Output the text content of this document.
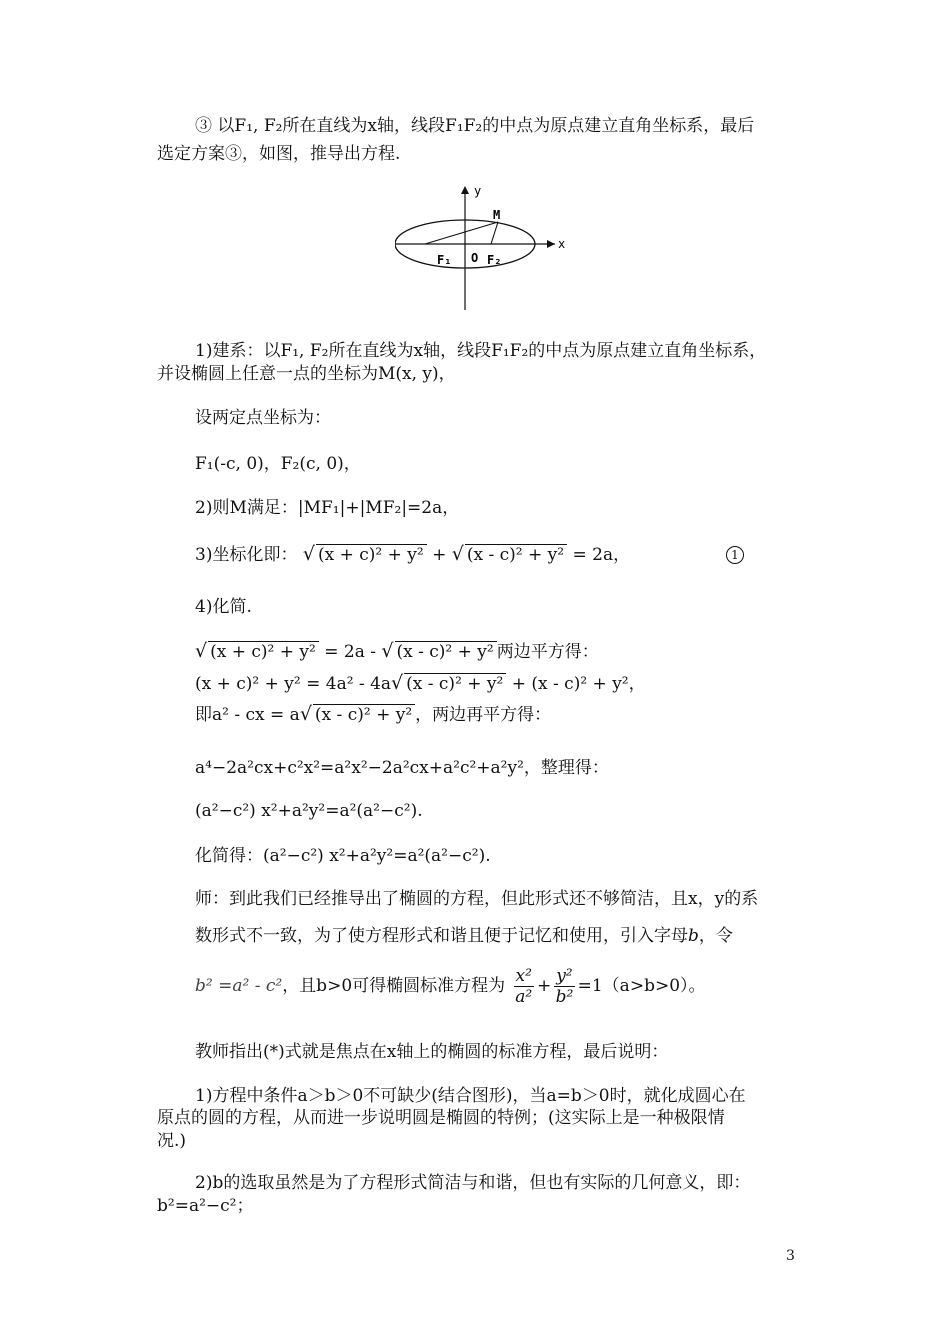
③ 以F₁, F₂所在直线为x轴，线段F₁F₂的中点为原点建立直角坐标系，最后
选定方案③，如图，推导出方程.
y
x
M
F₁ O F₂
1)建系：以F₁, F₂所在直线为x轴，线段F₁F₂的中点为原点建立直角坐标系，
并设椭圆上任意一点的坐标为M(x, y)，
设两定点坐标为：
F₁(-c, 0)，F₂(c, 0)，
2)则M满足：|MF₁|+|MF₂|=2a，
3)坐标化即： √ (x + c)² + y² + √ (x - c)² + y² = 2a，	1
4)化简.
√ (x + c)² + y² = 2a - √ (x - c)² + y² 两边平方得：
(x + c)² + y² = 4a² - 4a√ (x - c)² + y² + (x - c)² + y²，
即a² - cx = a√ (x - c)² + y² ，两边再平方得：
a⁴−2a²cx+c²x²=a²x²−2a²cx+a²c²+a²y²，整理得：
(a²−c²) x²+a²y²=a²(a²−c²).
化简得：(a²−c²) x²+a²y²=a²(a²−c²).
师：到此我们已经推导出了椭圆的方程，但此形式还不够简洁，且x，y的系
数形式不一致，为了使方程形式和谐且便于记忆和使用，引入字母b，令
b² =a² - c²，且b>0可得椭圆标准方程为 $\frac{\text{x²}}{\text{a²}} + \frac{\text{y²}}{\text{b²}} =1(a>b>0)$。
教师指出(*)式就是焦点在x轴上的椭圆的标准方程，最后说明：
1)方程中条件a＞b＞0不可缺少(结合图形)，当a=b＞0时，就化成圆心在
原点的圆的方程，从而进一步说明圆是椭圆的特例；(这实际上是一种极限情
况.)
2)b的选取虽然是为了方程形式简洁与和谐，但也有实际的几何意义，即：
b²=a²−c²；
3
